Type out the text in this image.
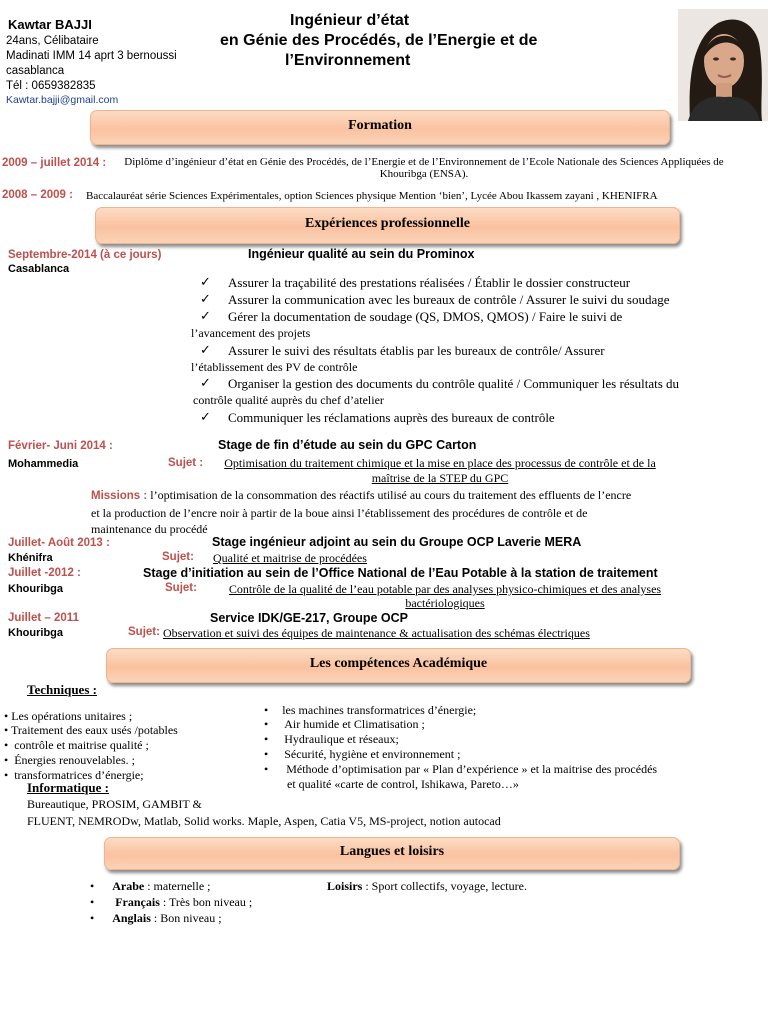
Kawtar BAJJI
24ans, Célibataire
Madinati IMM 14 aprt 3 bernoussi
casablanca
Tél : 0659382835
Kawtar.bajji@gmail.com
Ingénieur d’état
en Génie des Procédés, de l’Energie et de
l’Environnement
Formation
2009 – juillet 2014 :	Diplôme d’ingénieur d’état en Génie des Procédés, de l’Energie et de l’Environnement de l’Ecole Nationale des Sciences Appliquées de
Khouribga (ENSA).
2008 – 2009 : Baccalauréat série Sciences Expérimentales, option Sciences physique Mention ‘bien’, Lycée Abou Ikassem zayani , KHENIFRA
Expériences professionnelle
Septembre-2014 (à ce jours)
Casablanca
Ingénieur qualité au sein du Prominox
✓ Assurer la traçabilité des prestations réalisées / Établir le dossier constructeur
✓ Assurer la communication avec les bureaux de contrôle / Assurer le suivi du soudage
✓ Gérer la documentation de soudage (QS, DMOS, QMOS) / Faire le suivi de
l’avancement des projets
✓ Assurer le suivi des résultats établis par les bureaux de contrôle/ Assurer
l’établissement des PV de contrôle
✓ Organiser la gestion des documents du contrôle qualité / Communiquer les résultats du
contrôle qualité auprès du chef d’atelier
✓ Communiquer les réclamations auprès des bureaux de contrôle
Février- Juni 2014 :	Stage de fin d’étude au sein du GPC Carton
Mohammedia	Sujet :	Optimisation du traitement chimique et la mise en place des processus de contrôle et de la
maîtrise de la STEP du GPC
Missions : l’optimisation de la consommation des réactifs utilisé au cours du traitement des effluents de l’encre
et la production de l’encre noir à partir de la boue ainsi l’établissement des procédures de contrôle et de
maintenance du procédé
Juillet- Août 2013 :	Stage ingénieur adjoint au sein du Groupe OCP Laverie MERA
Khénifra	Sujet: Qualité et maitrise de procédées
Juillet -2012 :	Stage d’initiation au sein de l’Office National de l’Eau Potable à la station de traitement
Khouribga	Sujet:	Contrôle de la qualité de l’eau potable par des analyses physico-chimiques et des analyses
bactériologiques
Juillet – 2011	Service IDK/GE-217, Groupe OCP
Khouribga	Sujet: Observation et suivi des équipes de maintenance & actualisation des schémas électriques
Les compétences Académique
Techniques :
• Les opérations unitaires ;
• Traitement des eaux usés /potables
•  contrôle et maitrise qualité ;
•  Énergies renouvelables. ;
•  transformatrices d’énergie;
• les machines transformatrices d’énergie;
• Air humide et Climatisation ;
• Hydraulique et réseaux;
• Sécurité, hygiène et environnement ;
• Méthode d’optimisation par « Plan d’expérience » et la maitrise des procédés
et qualité «carte de control, Ishikawa, Pareto…»
Informatique :
Bureautique, PROSIM, GAMBIT &
FLUENT, NEMRODw, Matlab, Solid works. Maple, Aspen, Catia V5, MS-project, notion autocad
Langues et loisirs
• Arabe : maternelle ;
• Français : Très bon niveau ;
• Anglais : Bon niveau ;
Loisirs : Sport collectifs, voyage, lecture.
